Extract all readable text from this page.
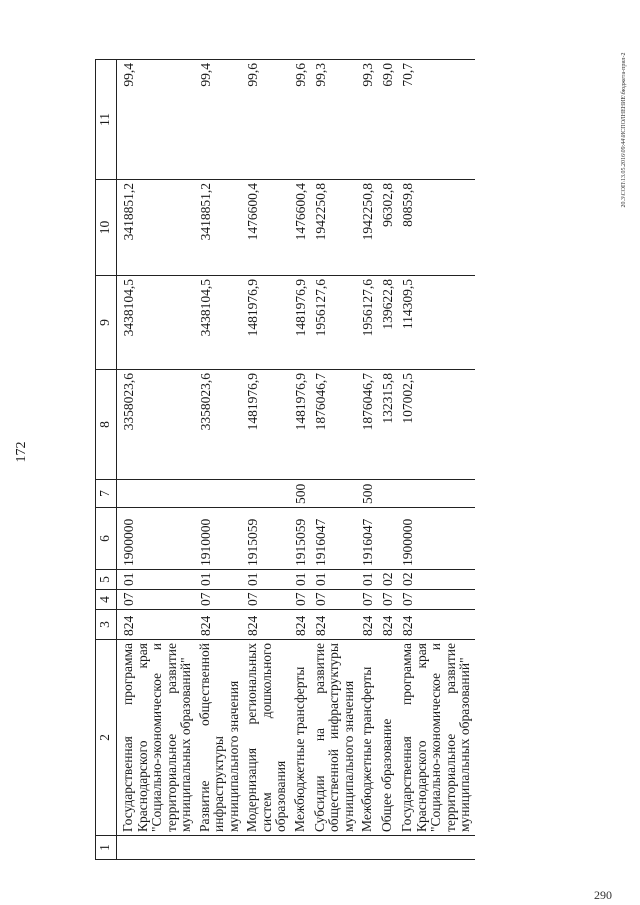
172
20.3\СОП\13.05.2016\09:44\ИСПОЛНЕНИЕ\бюджета-прил-2
290
1	2	3	4	5	6	7	8	9	10	11
	Государственная программа Краснодарского края "Социально-экономическое и территориальное развитие муниципальных образований"	824	07	01	1900000		3358023,6	3438104,5	3418851,2	99,4
	Развитие общественной инфраструктуры муниципального значения	824	07	01	1910000		3358023,6	3438104,5	3418851,2	99,4
	Модернизация региональных систем дошкольного образования	824	07	01	1915059		1481976,9	1481976,9	1476600,4	99,6
	Межбюджетные трансферты	824	07	01	1915059	500	1481976,9	1481976,9	1476600,4	99,6
	Субсидии на развитие общественной инфраструктуры муниципального значения	824	07	01	1916047		1876046,7	1956127,6	1942250,8	99,3
	Межбюджетные трансферты	824	07	01	1916047	500	1876046,7	1956127,6	1942250,8	99,3
	Общее образование	824	07	02			132315,8	139622,8	96302,8	69,0
	Государственная программа Краснодарского края "Социально-экономическое и территориальное развитие муниципальных образований"	824	07	02	1900000		107002,5	114309,5	80859,8	70,7
